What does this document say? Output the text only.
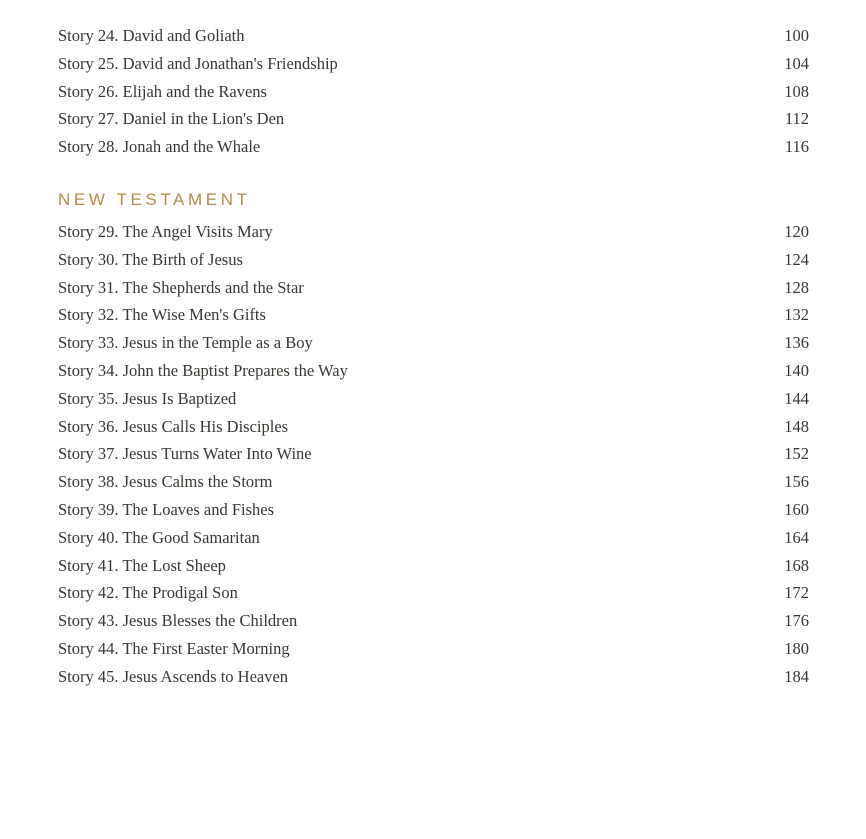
Story 24. David and Goliath	100
Story 25. David and Jonathan's Friendship	104
Story 26. Elijah and the Ravens	108
Story 27. Daniel in the Lion's Den	112
Story 28. Jonah and the Whale	116
NEW TESTAMENT
Story 29. The Angel Visits Mary	120
Story 30. The Birth of Jesus	124
Story 31. The Shepherds and the Star	128
Story 32. The Wise Men's Gifts	132
Story 33. Jesus in the Temple as a Boy	136
Story 34. John the Baptist Prepares the Way	140
Story 35. Jesus Is Baptized	144
Story 36. Jesus Calls His Disciples	148
Story 37. Jesus Turns Water Into Wine	152
Story 38. Jesus Calms the Storm	156
Story 39. The Loaves and Fishes	160
Story 40. The Good Samaritan	164
Story 41. The Lost Sheep	168
Story 42. The Prodigal Son	172
Story 43. Jesus Blesses the Children	176
Story 44. The First Easter Morning	180
Story 45. Jesus Ascends to Heaven	184
